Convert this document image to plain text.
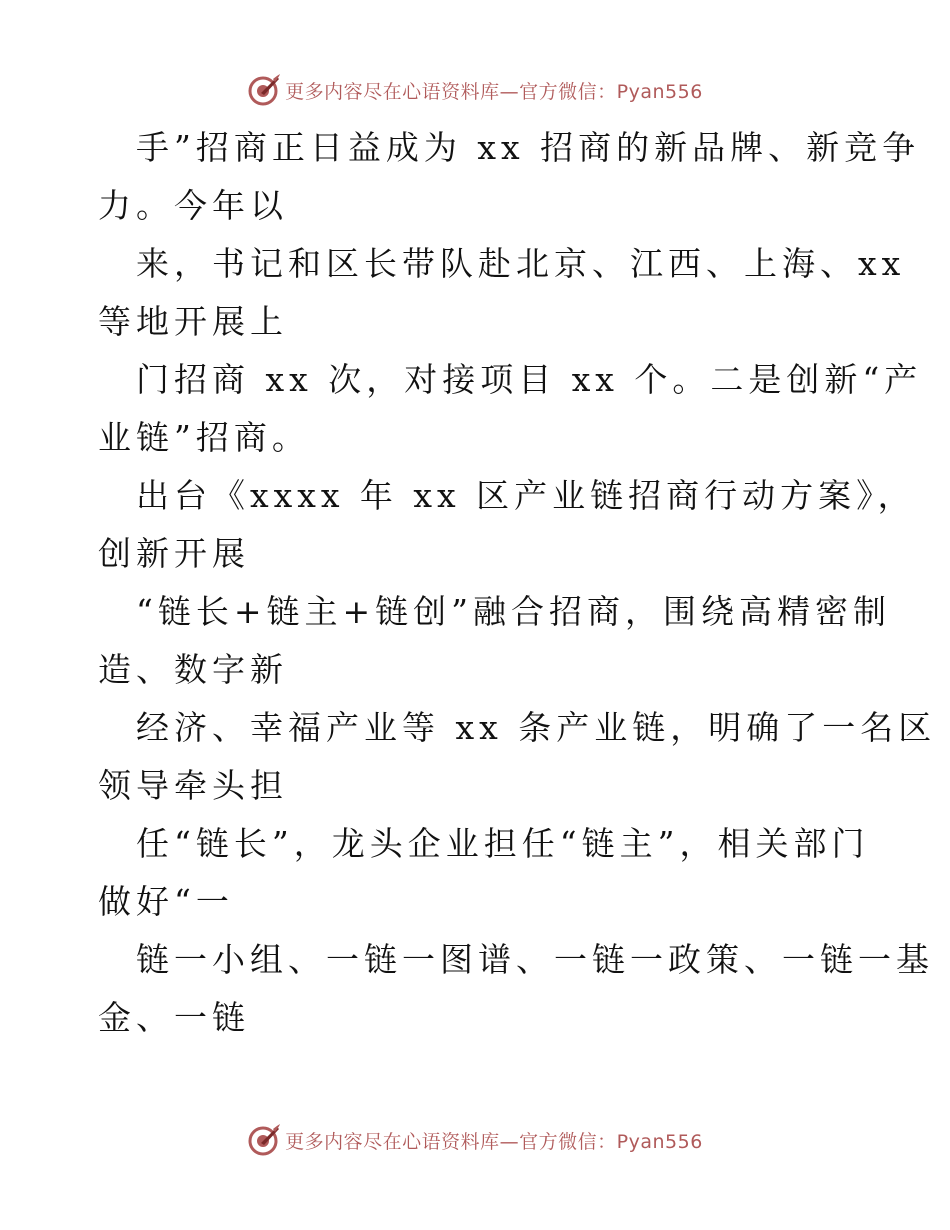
更多内容尽在心语资料库—官方微信：Pyan556
手”招商正日益成为 xx 招商的新品牌、新竞争
力。今年以
来，书记和区长带队赴北京、江西、上海、xx
等地开展上
门招商 xx 次，对接项目 xx 个。二是创新“产
业链”招商。
出台《xxxx 年 xx 区产业链招商行动方案》，
创新开展
“链长+链主+链创”融合招商，围绕高精密制
造、数字新
经济、幸福产业等 xx 条产业链，明确了一名区
领导牵头担
任“链长”，龙头企业担任“链主”，相关部门
做好“一
链一小组、一链一图谱、一链一政策、一链一基
金、一链
更多内容尽在心语资料库—官方微信：Pyan556
